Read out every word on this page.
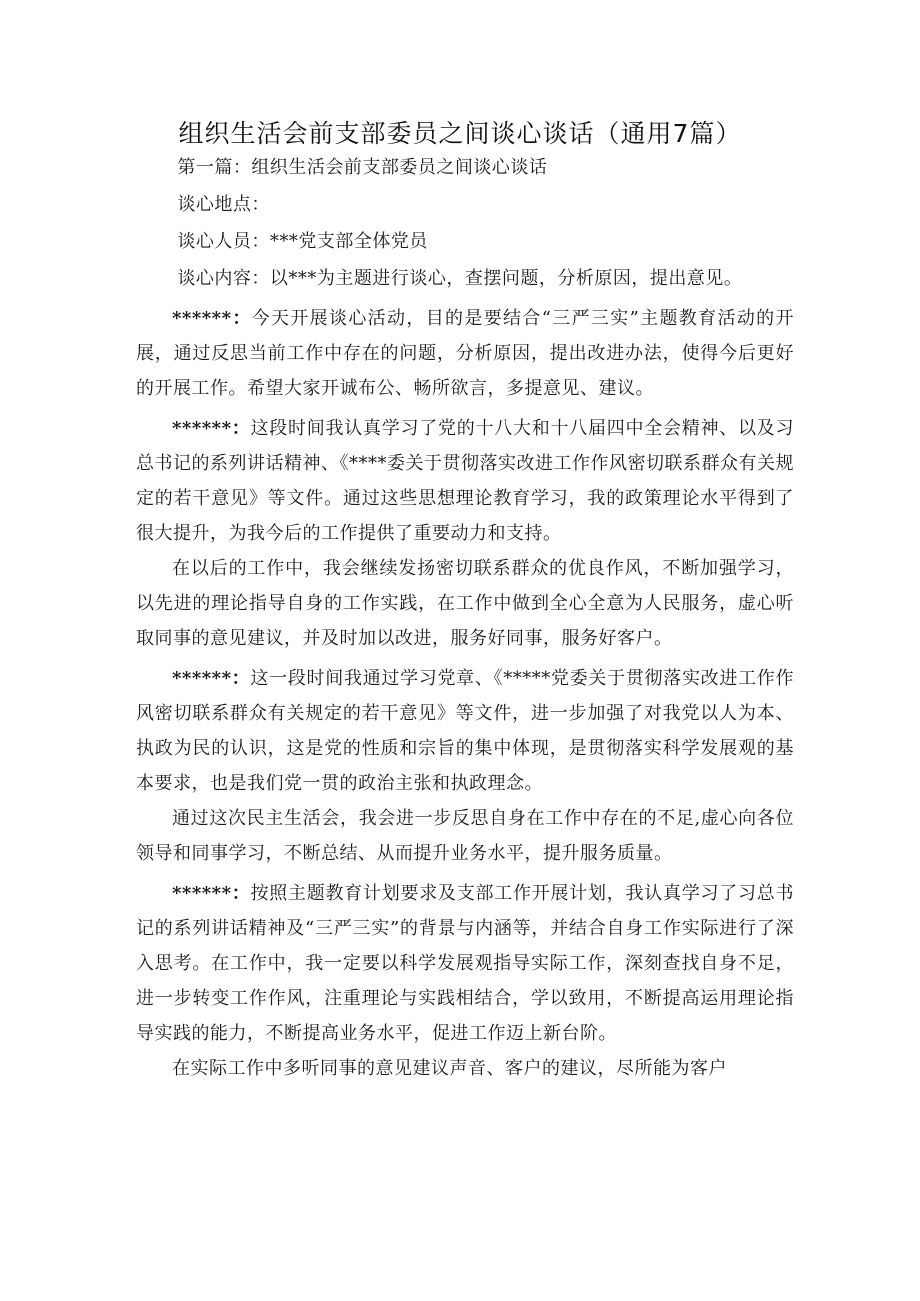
组织生活会前支部委员之间谈心谈话（通用7篇）

第一篇：组织生活会前支部委员之间谈心谈话

谈心地点：

谈心人员：***党支部全体党员

谈心内容：以***为主题进行谈心，查摆问题，分析原因，提出意见。

******：今天开展谈心活动，目的是要结合“三严三实”主题教育活动的开展，通过反思当前工作中存在的问题，分析原因，提出改进办法，使得今后更好的开展工作。希望大家开诚布公、畅所欲言，多提意见、建议。

******：这段时间我认真学习了党的十八大和十八届四中全会精神、以及习总书记的系列讲话精神、《****委关于贯彻落实改进工作作风密切联系群众有关规定的若干意见》等文件。通过这些思想理论教育学习，我的政策理论水平得到了很大提升，为我今后的工作提供了重要动力和支持。

在以后的工作中，我会继续发扬密切联系群众的优良作风，不断加强学习，以先进的理论指导自身的工作实践，在工作中做到全心全意为人民服务，虚心听取同事的意见建议，并及时加以改进，服务好同事，服务好客户。

******：这一段时间我通过学习党章、《*****党委关于贯彻落实改进工作作风密切联系群众有关规定的若干意见》等文件，进一步加强了对我党以人为本、执政为民的认识，这是党的性质和宗旨的集中体现，是贯彻落实科学发展观的基本要求，也是我们党一贯的政治主张和执政理念。

通过这次民主生活会，我会进一步反思自身在工作中存在的不足,虚心向各位领导和同事学习，不断总结、从而提升业务水平，提升服务质量。

******：按照主题教育计划要求及支部工作开展计划，我认真学习了习总书记的系列讲话精神及“三严三实”的背景与内涵等，并结合自身工作实际进行了深入思考。在工作中，我一定要以科学发展观指导实际工作，深刻查找自身不足，进一步转变工作作风，注重理论与实践相结合，学以致用，不断提高运用理论指导实践的能力，不断提高业务水平，促进工作迈上新台阶。

在实际工作中多听同事的意见建议声音、客户的建议，尽所能为客户
